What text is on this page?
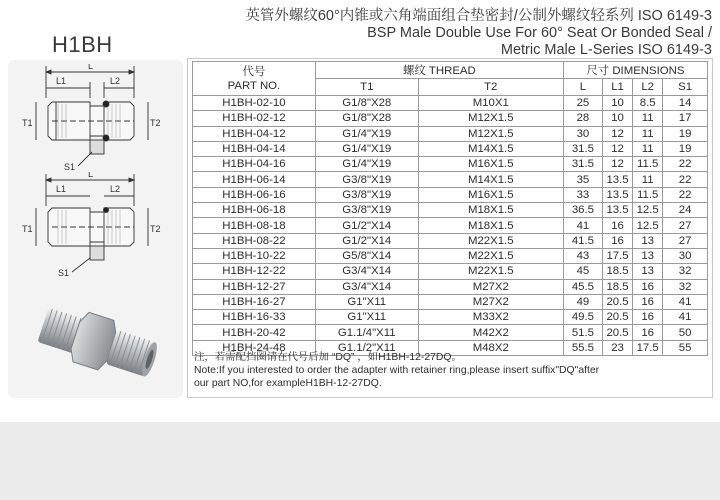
英管外螺纹60°内锥或六角端面组合垫密封/公制外螺纹轻系列 ISO 6149-3
BSP Male Double Use For 60° Seat Or Bonded Seal /
Metric Male L-Series ISO 6149-3
H1BH
L1
L
L2
T1	T2
S1
L1
L
L2
T1	T2
S1
代号
PART NO.	螺纹 THREAD		尺寸 DIMENSIONS			
	T1	T2	L	L1	L2	S1
H1BH-02-10	G1/8"X28	M10X1	25	10	8.5	14
H1BH-02-12	G1/8"X28	M12X1.5	28	10	11	17
H1BH-04-12	G1/4"X19	M12X1.5	30	12	11	19
H1BH-04-14	G1/4"X19	M14X1.5	31.5	12	11	19
H1BH-04-16	G1/4"X19	M16X1.5	31.5	12	11.5	22
H1BH-06-14	G3/8"X19	M14X1.5	35	13.5	11	22
H1BH-06-16	G3/8"X19	M16X1.5	33	13.5	11.5	22
H1BH-06-18	G3/8"X19	M18X1.5	36.5	13.5	12.5	24
H1BH-08-18	G1/2"X14	M18X1.5	41	16	12.5	27
H1BH-08-22	G1/2"X14	M22X1.5	41.5	16	13	27
H1BH-10-22	G5/8"X14	M22X1.5	43	17.5	13	30
H1BH-12-22	G3/4"X14	M22X1.5	45	18.5	13	32
H1BH-12-27	G3/4"X14	M27X2	45.5	18.5	16	32
H1BH-16-27	G1"X11	M27X2	49	20.5	16	41
H1BH-16-33	G1"X11	M33X2	49.5	20.5	16	41
H1BH-20-42	G1.1/4"X11	M42X2	51.5	20.5	16	50
H1BH-24-48	G1.1/2"X11	M48X2	55.5	23	17.5	55
注，若需配挡圈请在代号后加 “DQ” ，如H1BH-12-27DQ。
Note:If you interested to order the adapter with retainer ring,please insert suffix"DQ"after
our part NO,for exampleH1BH-12-27DQ.
